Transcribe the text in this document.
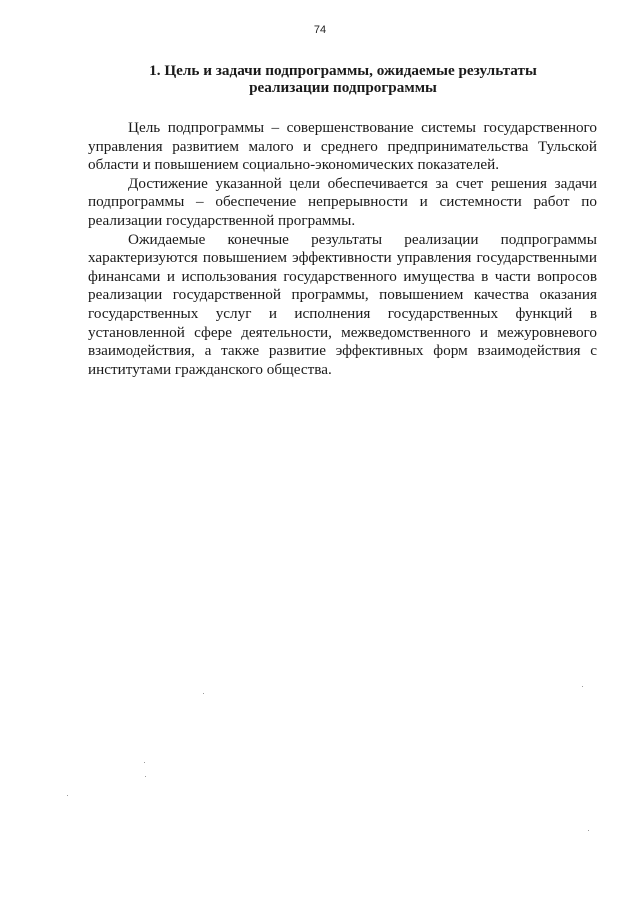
74
1. Цель и задачи подпрограммы, ожидаемые результаты
реализации подпрограммы

Цель подпрограммы – совершенствование системы государственного управления развитием малого и среднего предпринимательства Тульской области и повышением социально-экономических показателей.

Достижение указанной цели обеспечивается за счет решения задачи подпрограммы – обеспечение непрерывности и системности работ по реализации государственной программы.

Ожидаемые конечные результаты реализации подпрограммы характеризуются повышением эффективности управления государственными финансами и использования государственного имущества в части вопросов реализации государственной программы, повышением качества оказания государственных услуг и исполнения государственных функций в установленной сфере деятельности, межведомственного и межуровневого взаимодействия, а также развитие эффективных форм взаимодействия с институтами гражданского общества.
